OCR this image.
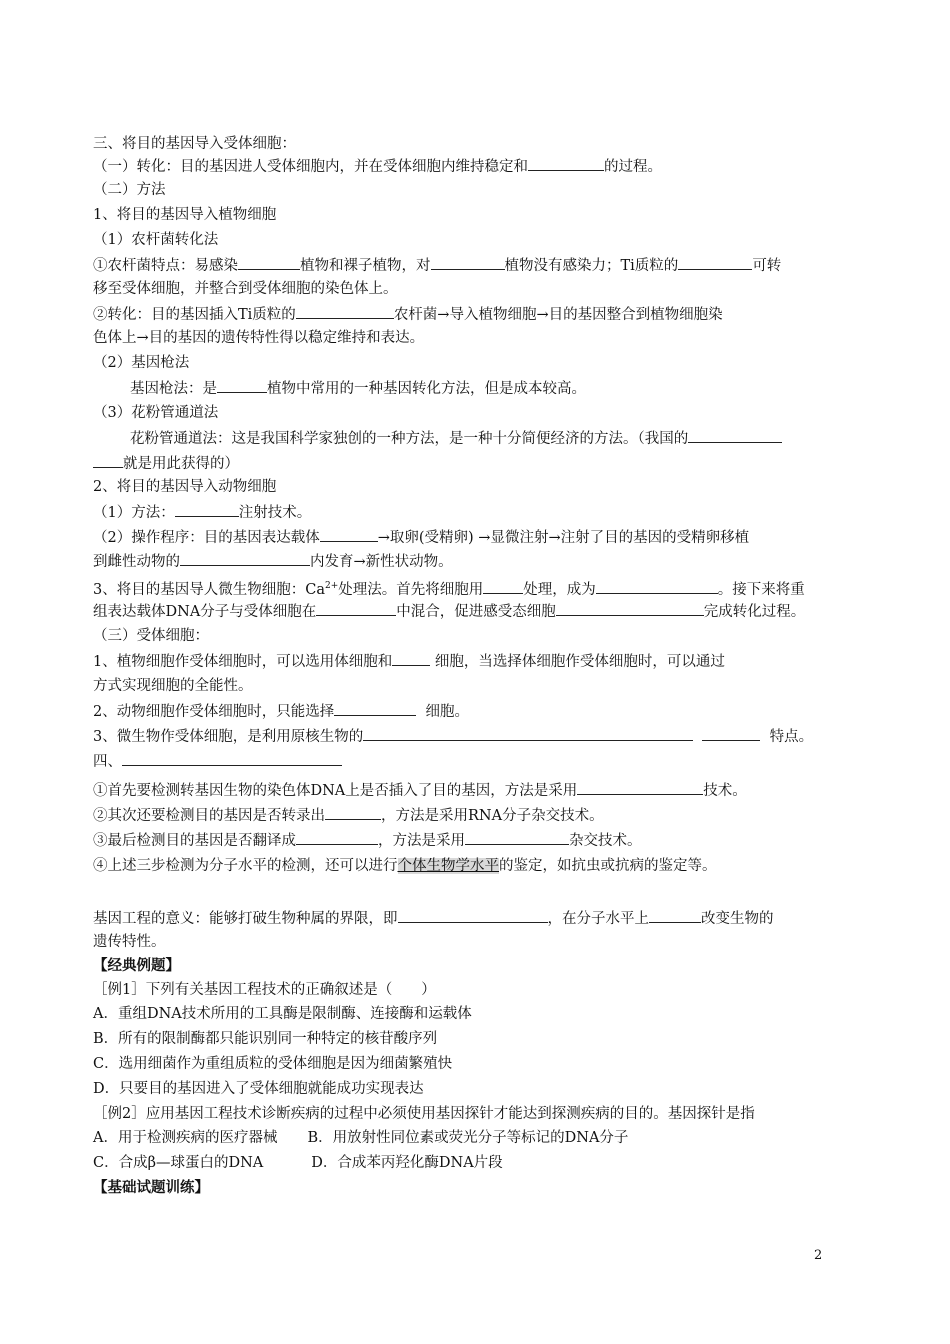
三、将目的基因导入受体细胞：
（一）转化：目的基因进人受体细胞内，并在受体细胞内维持稳定和	的过程。
（二）方法
1、将目的基因导入植物细胞
（1）农杆菌转化法
①农杆菌特点：易感染	植物和裸子植物，对	植物没有感染力；Ti质粒的	可转
移至受体细胞，并整合到受体细胞的染色体上。
②转化：目的基因插入Ti质粒的	农杆菌→导入植物细胞→目的基因整合到植物细胞染
色体上→目的基因的遗传特性得以稳定维持和表达。
（2）基因枪法
基因枪法：是	植物中常用的一种基因转化方法，但是成本较高。
（3）花粉管通道法
花粉管通道法：这是我国科学家独创的一种方法，是一种十分简便经济的方法。（我国的
就是用此获得的）
2、将目的基因导入动物细胞
（1）方法：	注射技术。
（2）操作程序：目的基因表达载体	→取卵(受精卵) →显微注射→注射了目的基因的受精卵移植
到雌性动物的	内发育→新性状动物。
3、将目的基因导人微生物细胞：$Ca^{2+}$处理法。首先将细胞用	处理，成为	。接下来将重
组表达载体DNA分子与受体细胞在	中混合，促进感受态细胞	完成转化过程。
（三）受体细胞：
1、植物细胞作受体细胞时，可以选用体细胞和	细胞，当选择体细胞作受体细胞时，可以通过
方式实现细胞的全能性。
2、动物细胞作受体细胞时，只能选择	细胞。
3、微生物作受体细胞，是利用原核生物的	特点。
四、
①首先要检测转基因生物的染色体DNA上是否插入了目的基因，方法是采用	技术。
②其次还要检测目的基因是否转录出	，方法是采用RNA分子杂交技术。
③最后检测目的基因是否翻译成	，方法是采用	杂交技术。
④上述三步检测为分子水平的检测，还可以进行个体生物学水平的鉴定，如抗虫或抗病的鉴定等。
基因工程的意义：能够打破生物种属的界限，即	，在分子水平上	改变生物的
遗传特性。
【经典例题】
［例1］下列有关基因工程技术的正确叙述是（　　）
A．重组DNA技术所用的工具酶是限制酶、连接酶和运载体
B．所有的限制酶都只能识别同一种特定的核苷酸序列
C．选用细菌作为重组质粒的受体细胞是因为细菌繁殖快
D．只要目的基因进入了受体细胞就能成功实现表达
［例2］应用基因工程技术诊断疾病的过程中必须使用基因探针才能达到探测疾病的目的。基因探针是指
A．用于检测疾病的医疗器械 B．用放射性同位素或荧光分子等标记的DNA分子
C．合成β—球蛋白的DNA	D．合成苯丙羟化酶DNA片段
【基础试题训练】
2
